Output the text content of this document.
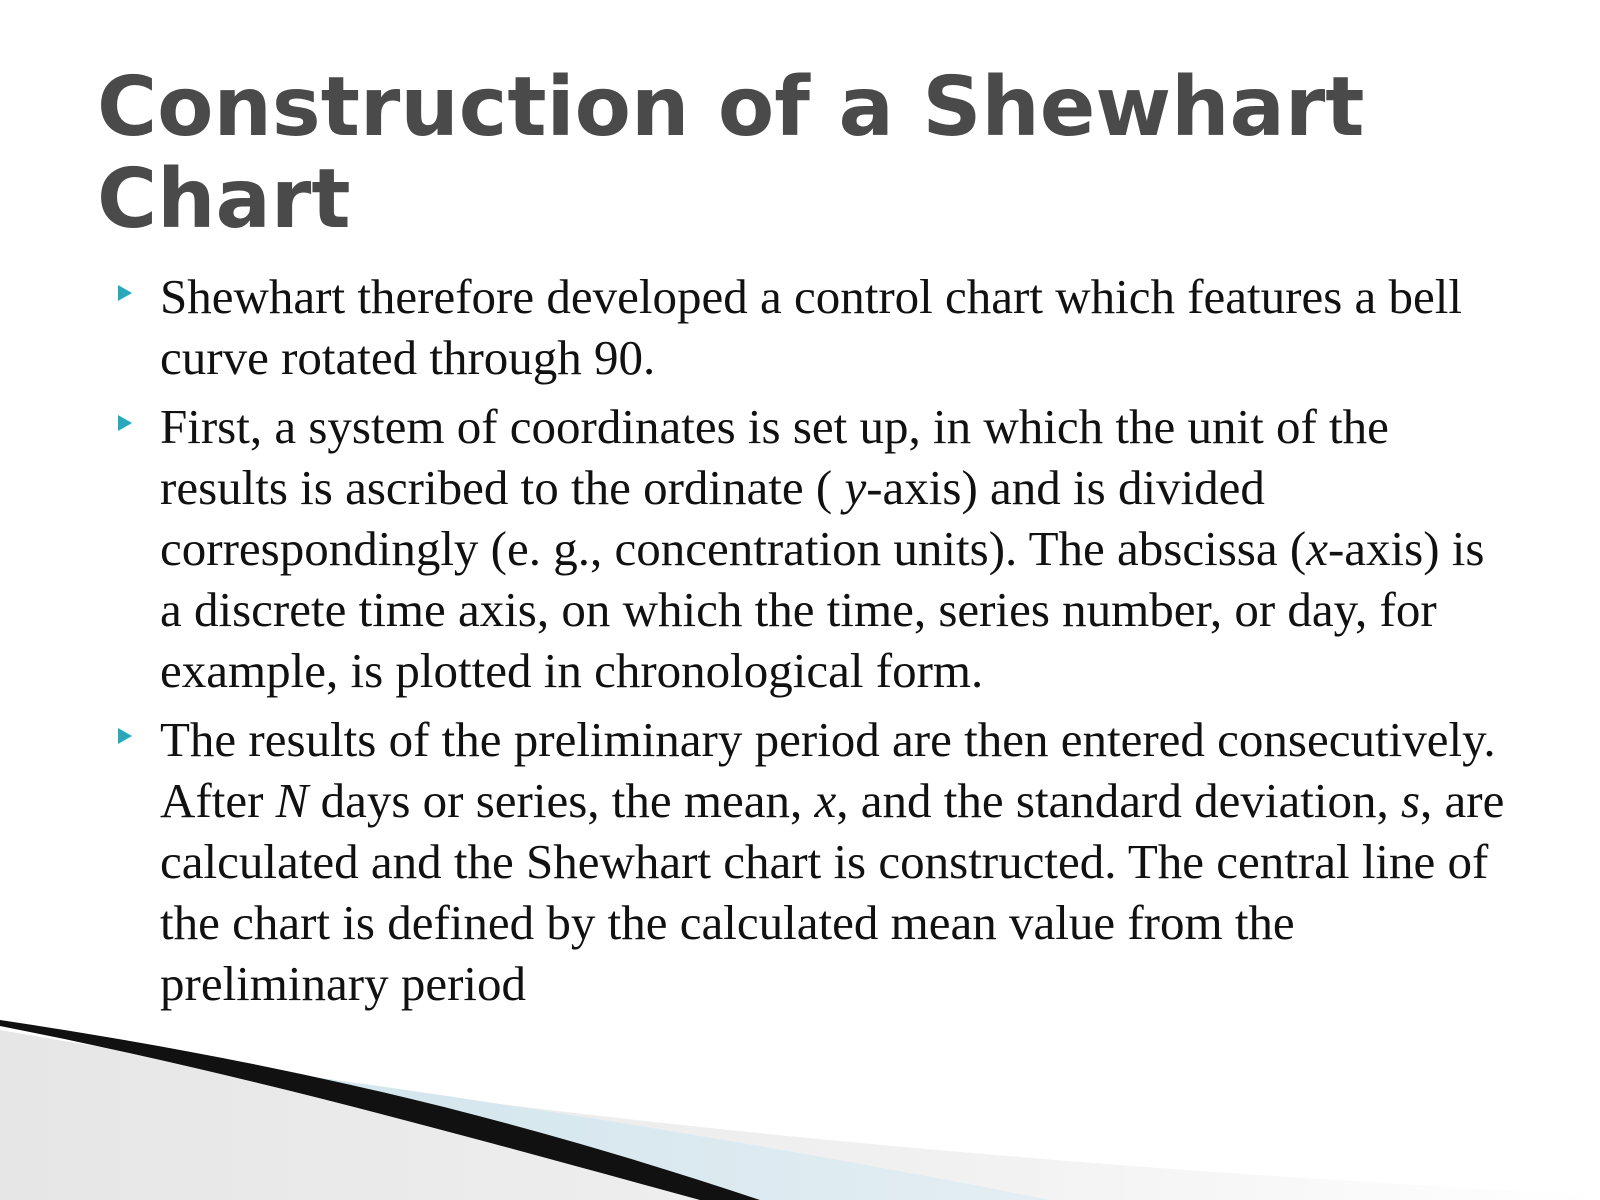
Construction of a Shewhart Chart
Shewhart therefore developed a control chart which features a bell curve rotated through 90.
First, a system of coordinates is set up, in which the unit of the results is ascribed to the ordinate ( y-axis) and is divided correspondingly (e. g., concentration units). The abscissa (x-axis) is a discrete time axis, on which the time, series number, or day, for example, is plotted in chronological form.
The results of the preliminary period are then entered consecutively. After N days or series, the mean, x, and the standard deviation, s, are calculated and the Shewhart chart is constructed. The central line of the chart is defined by the calculated mean value from the preliminary period
